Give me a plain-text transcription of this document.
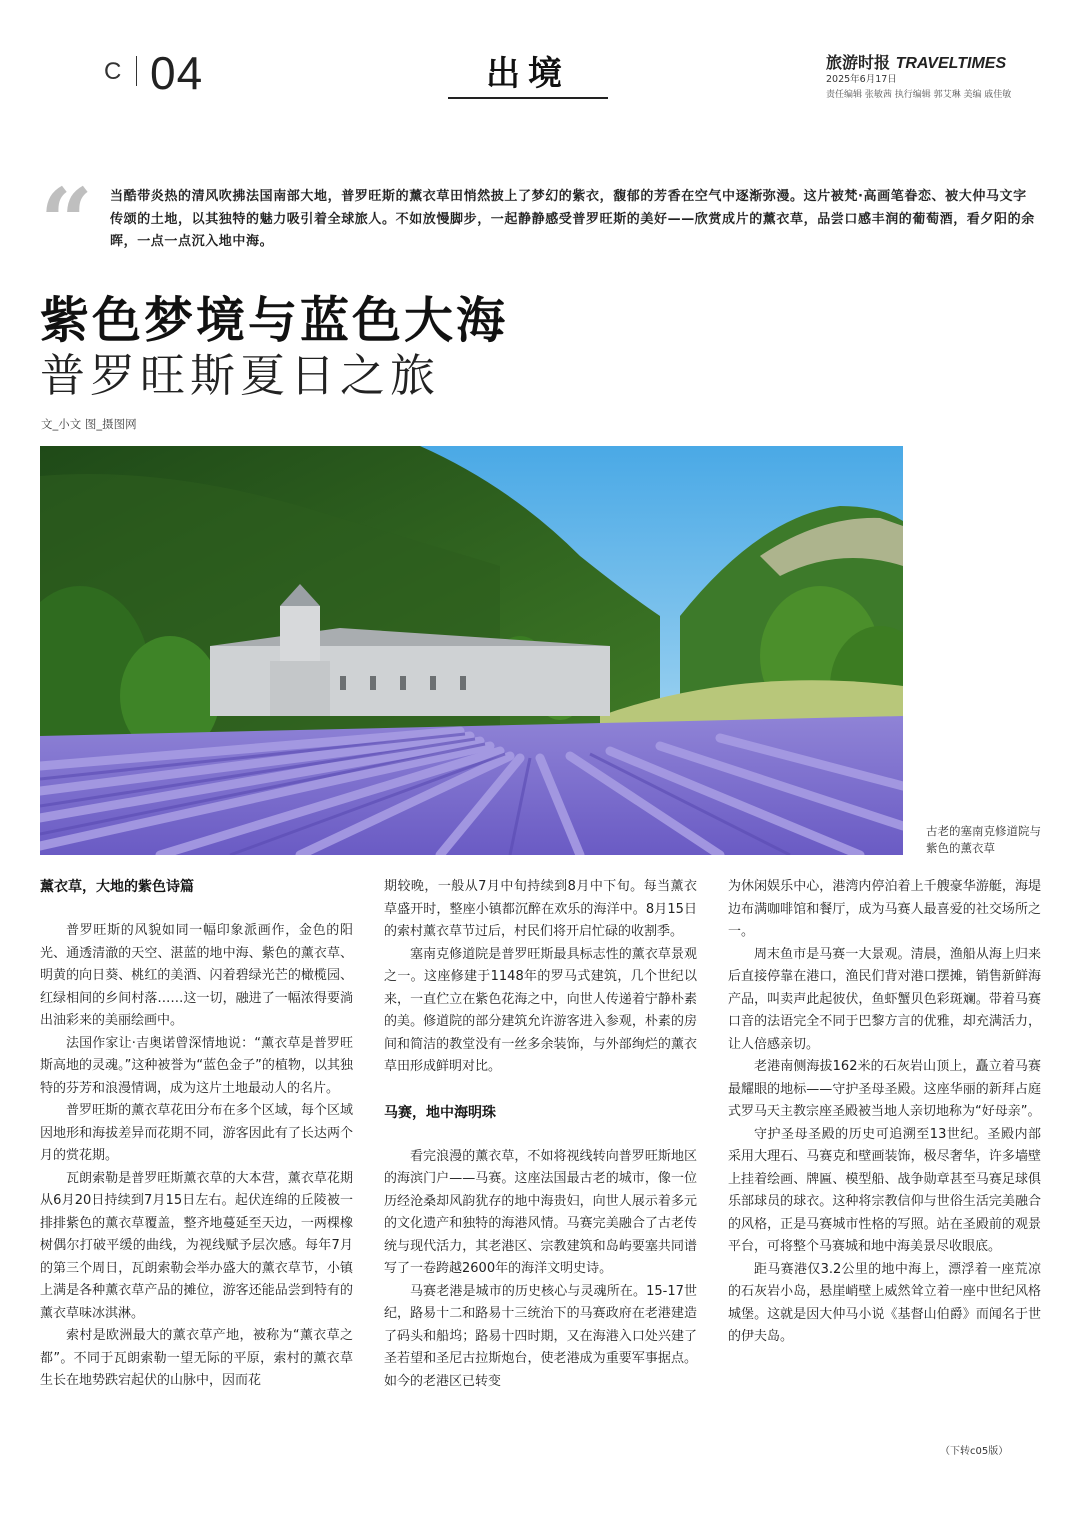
C 04	出境	旅游时报 TRAVELTIMES
2025年6月17日
责任编辑 张敏茜 执行编辑 郭艾琳 美编 戚佳敏
“ 当酷带炎热的清风吹拂法国南部大地，普罗旺斯的薰衣草田悄然披上了梦幻的紫衣，馥郁的芳香在空气中逐渐弥漫。这片被梵·高画笔眷恋、被大仲马文字传颂的土地，以其独特的魅力吸引着全球旅人。不如放慢脚步，一起静静感受普罗旺斯的美好——欣赏成片的薰衣草，品尝口感丰润的葡萄酒，看夕阳的余晖，一点一点沉入地中海。
紫色梦境与蓝色大海
普罗旺斯夏日之旅
文_小文 图_摄图网
古老的塞南克修道院与紫色的薰衣草
薰衣草，大地的紫色诗篇

普罗旺斯的风貌如同一幅印象派画作，金色的阳光、通透清澈的天空、湛蓝的地中海、紫色的薰衣草、明黄的向日葵、桃红的美酒、闪着碧绿光芒的橄榄园、红绿相间的乡间村落……这一切，融进了一幅浓得要淌出油彩来的美丽绘画中。

法国作家让·吉奥诺曾深情地说：“薰衣草是普罗旺斯高地的灵魂。”这种被誉为“蓝色金子”的植物，以其独特的芬芳和浪漫情调，成为这片土地最动人的名片。

普罗旺斯的薰衣草花田分布在多个区域，每个区域因地形和海拔差异而花期不同，游客因此有了长达两个月的赏花期。

瓦朗索勒是普罗旺斯薰衣草的大本营，薰衣草花期从6月20日持续到7月15日左右。起伏连绵的丘陵被一排排紫色的薰衣草覆盖，整齐地蔓延至天边，一两棵橡树偶尔打破平缓的曲线，为视线赋予层次感。每年7月的第三个周日，瓦朗索勒会举办盛大的薰衣草节，小镇上满是各种薰衣草产品的摊位，游客还能品尝到特有的薰衣草味冰淇淋。

索村是欧洲最大的薰衣草产地，被称为“薰衣草之都”。不同于瓦朗索勒一望无际的平原，索村的薰衣草生长在地势跌宕起伏的山脉中，因而花

期较晚，一般从7月中旬持续到8月中下旬。每当薰衣草盛开时，整座小镇都沉醉在欢乐的海洋中。8月15日的索村薰衣草节过后，村民们将开启忙碌的收割季。

塞南克修道院是普罗旺斯最具标志性的薰衣草景观之一。这座修建于1148年的罗马式建筑，几个世纪以来，一直伫立在紫色花海之中，向世人传递着宁静朴素的美。修道院的部分建筑允许游客进入参观，朴素的房间和简洁的教堂没有一丝多余装饰，与外部绚烂的薰衣草田形成鲜明对比。

马赛，地中海明珠

看完浪漫的薰衣草，不如将视线转向普罗旺斯地区的海滨门户——马赛。这座法国最古老的城市，像一位历经沧桑却风韵犹存的地中海贵妇，向世人展示着多元的文化遗产和独特的海港风情。马赛完美融合了古老传统与现代活力，其老港区、宗教建筑和岛屿要塞共同谱写了一卷跨越2600年的海洋文明史诗。

马赛老港是城市的历史核心与灵魂所在。15-17世纪，路易十二和路易十三统治下的马赛政府在老港建造了码头和船坞；路易十四时期，又在海港入口处兴建了圣若望和圣尼古拉斯炮台，使老港成为重要军事据点。如今的老港区已转变

为休闲娱乐中心，港湾内停泊着上千艘豪华游艇，海堤边布满咖啡馆和餐厅，成为马赛人最喜爱的社交场所之一。

周末鱼市是马赛一大景观。清晨，渔船从海上归来后直接停靠在港口，渔民们背对港口摆摊，销售新鲜海产品，叫卖声此起彼伏，鱼虾蟹贝色彩斑斓。带着马赛口音的法语完全不同于巴黎方言的优雅，却充满活力，让人倍感亲切。

老港南侧海拔162米的石灰岩山顶上，矗立着马赛最耀眼的地标——守护圣母圣殿。这座华丽的新拜占庭式罗马天主教宗座圣殿被当地人亲切地称为“好母亲”。

守护圣母圣殿的历史可追溯至13世纪。圣殿内部采用大理石、马赛克和壁画装饰，极尽奢华，许多墙壁上挂着绘画、牌匾、模型船、战争勋章甚至马赛足球俱乐部球员的球衣。这种将宗教信仰与世俗生活完美融合的风格，正是马赛城市性格的写照。站在圣殿前的观景平台，可将整个马赛城和地中海美景尽收眼底。

距马赛港仅3.2公里的地中海上，漂浮着一座荒凉的石灰岩小岛，悬崖峭壁上威然耸立着一座中世纪风格城堡。这就是因大仲马小说《基督山伯爵》而闻名于世的伊夫岛。

（下转c05版）
